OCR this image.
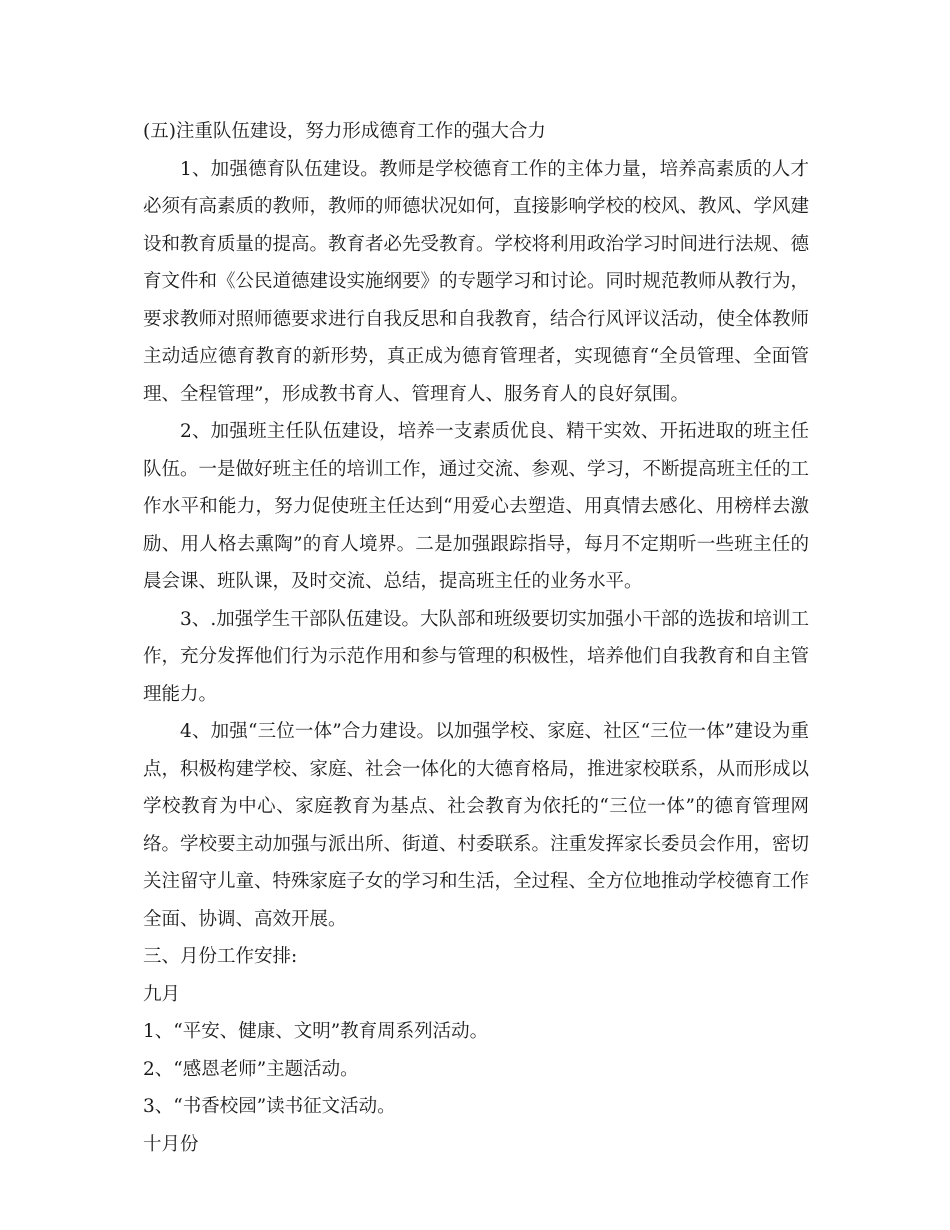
(五)注重队伍建设，努力形成德育工作的强大合力

1、加强德育队伍建设。教师是学校德育工作的主体力量，培养高素质的人才必须有高素质的教师，教师的师德状况如何，直接影响学校的校风、教风、学风建设和教育质量的提高。教育者必先受教育。学校将利用政治学习时间进行法规、德育文件和《公民道德建设实施纲要》的专题学习和讨论。同时规范教师从教行为，要求教师对照师德要求进行自我反思和自我教育，结合行风评议活动，使全体教师主动适应德育教育的新形势，真正成为德育管理者，实现德育“全员管理、全面管理、全程管理”，形成教书育人、管理育人、服务育人的良好氛围。

2、加强班主任队伍建设，培养一支素质优良、精干实效、开拓进取的班主任队伍。一是做好班主任的培训工作，通过交流、参观、学习，不断提高班主任的工作水平和能力，努力促使班主任达到“用爱心去塑造、用真情去感化、用榜样去激励、用人格去熏陶”的育人境界。二是加强跟踪指导，每月不定期听一些班主任的晨会课、班队课，及时交流、总结，提高班主任的业务水平。

3、.加强学生干部队伍建设。大队部和班级要切实加强小干部的选拔和培训工作，充分发挥他们行为示范作用和参与管理的积极性，培养他们自我教育和自主管理能力。

4、加强“三位一体”合力建设。以加强学校、家庭、社区“三位一体”建设为重点，积极构建学校、家庭、社会一体化的大德育格局，推进家校联系，从而形成以学校教育为中心、家庭教育为基点、社会教育为依托的“三位一体”的德育管理网络。学校要主动加强与派出所、街道、村委联系。注重发挥家长委员会作用，密切关注留守儿童、特殊家庭子女的学习和生活，全过程、全方位地推动学校德育工作全面、协调、高效开展。

三、月份工作安排:

九月

1、“平安、健康、文明”教育周系列活动。

2、“感恩老师”主题活动。

3、“书香校园”读书征文活动。

十月份
